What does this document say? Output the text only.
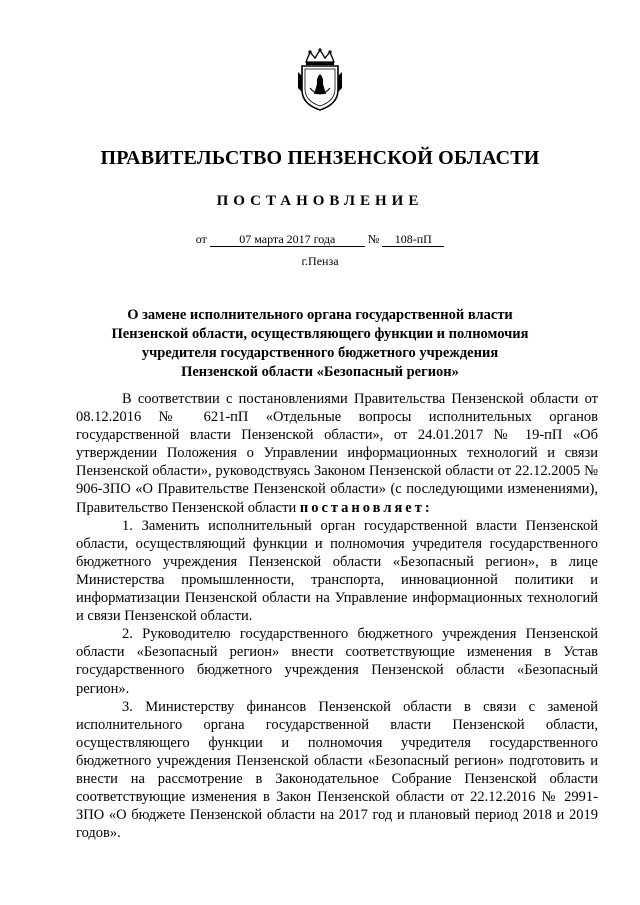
ПРАВИТЕЛЬСТВО ПЕНЗЕНСКОЙ ОБЛАСТИ
ПОСТАНОВЛЕНИЕ
от	07 марта 2017 года	№ 108-пП
г.Пенза
О замене исполнительного органа государственной власти
Пензенской области, осуществляющего функции и полномочия
учредителя государственного бюджетного учреждения
Пензенской области «Безопасный регион»

В соответствии с постановлениями Правительства Пензенской области от 08.12.2016 № 621-пП «Отдельные вопросы исполнительных органов государственной власти Пензенской области», от 24.01.2017 № 19-пП «Об утверждении Положения о Управлении информационных технологий и связи Пензенской области», руководствуясь Законом Пензенской области от 22.12.2005 № 906-ЗПО «О Правительстве Пензенской области» (с последующими изменениями), Правительство Пензенской области постановляет:

1. Заменить исполнительный орган государственной власти Пензенской области, осуществляющий функции и полномочия учредителя государственного бюджетного учреждения Пензенской области «Безопасный регион», в лице Министерства промышленности, транспорта, инновационной политики и информатизации Пензенской области на Управление информационных технологий и связи Пензенской области.

2. Руководителю государственного бюджетного учреждения Пензенской области «Безопасный регион» внести соответствующие изменения в Устав государственного бюджетного учреждения Пензенской области «Безопасный регион».

3. Министерству финансов Пензенской области в связи с заменой исполнительного органа государственной власти Пензенской области, осуществляющего функции и полномочия учредителя государственного бюджетного учреждения Пензенской области «Безопасный регион» подготовить и внести на рассмотрение в Законодательное Собрание Пензенской области соответствующие изменения в Закон Пензенской области от 22.12.2016 № 2991-ЗПО «О бюджете Пензенской области на 2017 год и плановый период 2018 и 2019 годов».
